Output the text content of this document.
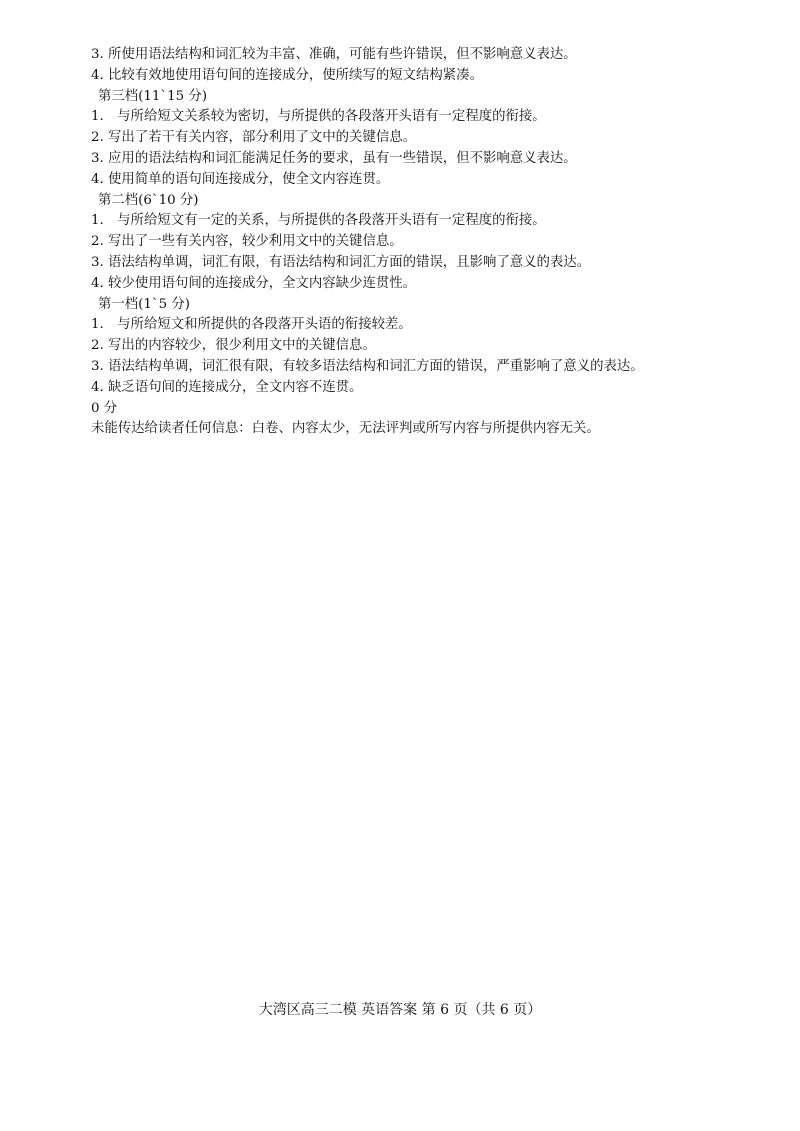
3. 所使用语法结构和词汇较为丰富、准确，可能有些许错误，但不影响意义表达。
4. 比较有效地使用语句间的连接成分，使所续写的短文结构紧凑。
第三档(11`15 分)
1.　与所给短文关系较为密切，与所提供的各段落开头语有一定程度的衔接。
2. 写出了若干有关内容，部分利用了文中的关键信息。
3. 应用的语法结构和词汇能满足任务的要求，虽有一些错误，但不影响意义表达。
4. 使用简单的语句间连接成分，使全文内容连贯。
第二档(6`10 分)
1.　与所给短文有一定的关系，与所提供的各段落开头语有一定程度的衔接。
2. 写出了一些有关内容，较少利用文中的关键信息。
3. 语法结构单调，词汇有限，有语法结构和词汇方面的错误，且影响了意义的表达。
4. 较少使用语句间的连接成分，全文内容缺少连贯性。
第一档(1`5 分)
1.　与所给短文和所提供的各段落开头语的衔接较差。
2. 写出的内容较少，很少利用文中的关键信息。
3. 语法结构单调，词汇很有限，有较多语法结构和词汇方面的错误，严重影响了意义的表达。
4. 缺乏语句间的连接成分，全文内容不连贯。
0 分
未能传达给读者任何信息：白卷、内容太少，无法评判或所写内容与所提供内容无关。
大湾区高三二模 英语答案 第 6 页（共 6 页）
